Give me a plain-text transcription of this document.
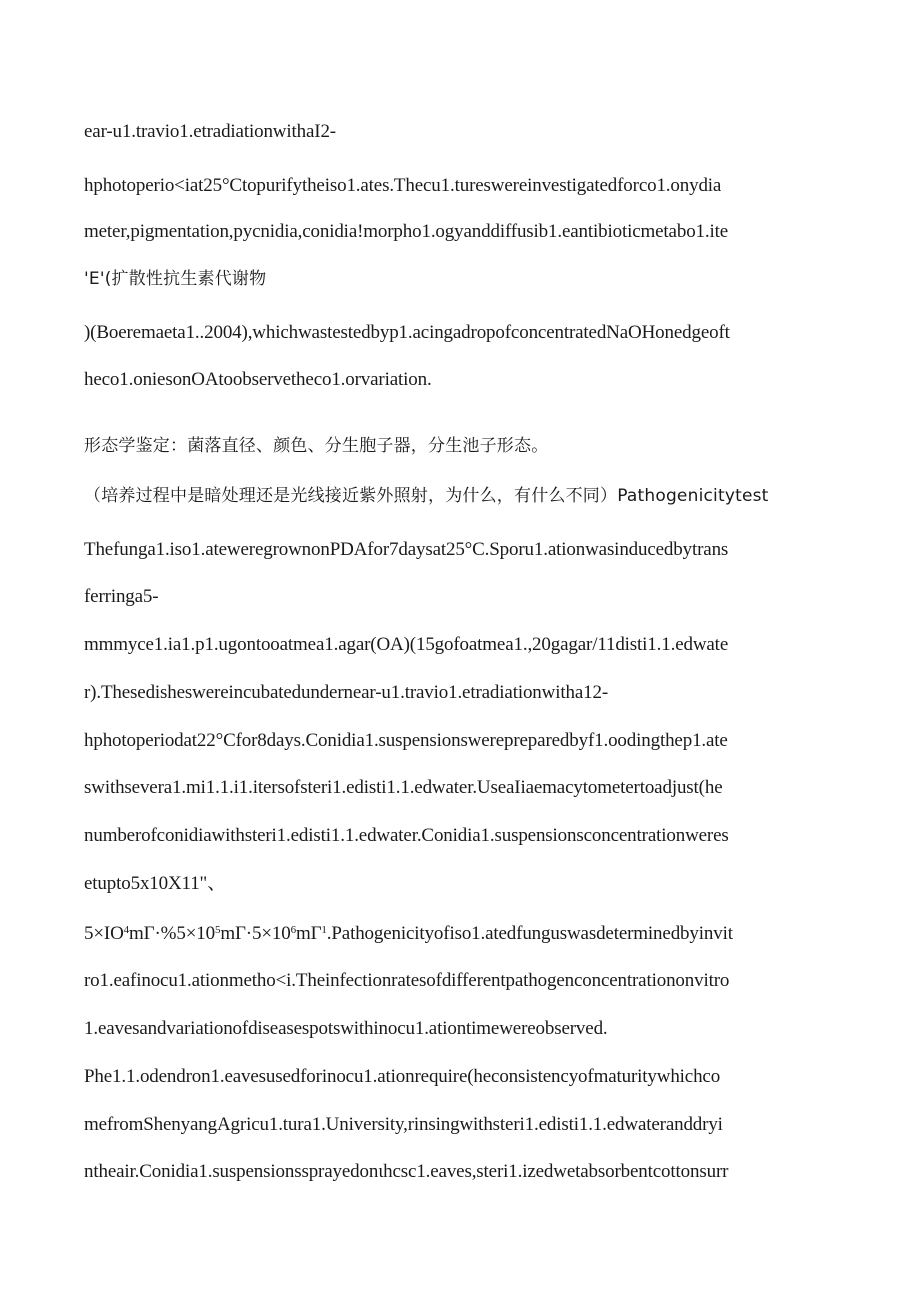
ear-u1.travio1.etradiationwithaI2-
hphotoperio<iat25°Ctopurifytheiso1.ates.Thecu1.tureswereinvestigatedforco1.onydia
meter,pigmentation,pycnidia,conidia!morpho1.ogyanddiffusib1.eantibioticmetabo1.ite
'E'(扩散性抗生素代谢物
)(Boeremaeta1..2004),whichwastestedbyp1.acingadropofconcentratedNaOHonedgeoft
heco1.oniesonOAtoobservetheco1.orvariation.
形态学鉴定：菌落直径、颜色、分生胞子器，分生池子形态。
（培养过程中是暗处理还是光线接近紫外照射，为什么，有什么不同）Pathogenicitytest
Thefunga1.iso1.ateweregrownonPDAfor7daysat25°C.Sporu1.ationwasinducedbytrans
ferringa5-
mmmyce1.ia1.p1.ugontooatmea1.agar(OA)(15gofoatmea1.,20gagar/11disti1.1.edwate
r).Thesedisheswereincubatedundernear-u1.travio1.etradiationwitha12-
hphotoperiodat22°Cfor8days.Conidia1.suspensionswerepreparedbyf1.oodingthep1.ate
swithsevera1.mi1.1.i1.itersofsteri1.edisti1.1.edwater.UseaIiaemacytometertoadjust(he
numberofconidiawithsteri1.edisti1.1.edwater.Conidia1.suspensionsconcentrationweres
etupto5x10X11"、
$5\times IO^4m\Gamma\cdot\%5\times 10^5m\Gamma\cdot 5\times 10^6m\Gamma^1.Pathogenicityofiso1.atedfunguswasdeterminedbyinvit$
ro1.eafinocu1.ationmetho<i.Theinfectionratesofdifferentpathogenconcentrationonvitro
1.eavesandvariationofdiseasespotswithinocu1.ationtimewereobserved.
Phe1.1.odendron1.eavesusedforinocu1.ationrequire(heconsistencyofmaturitywhichco
mefromShenyangAgricu1.tura1.University,rinsingwithsteri1.edisti1.1.edwateranddryi
ntheair.Conidia1.suspensionssprayedonιhcsc1.eaves,steri1.izedwetabsorbentcottonsurr
